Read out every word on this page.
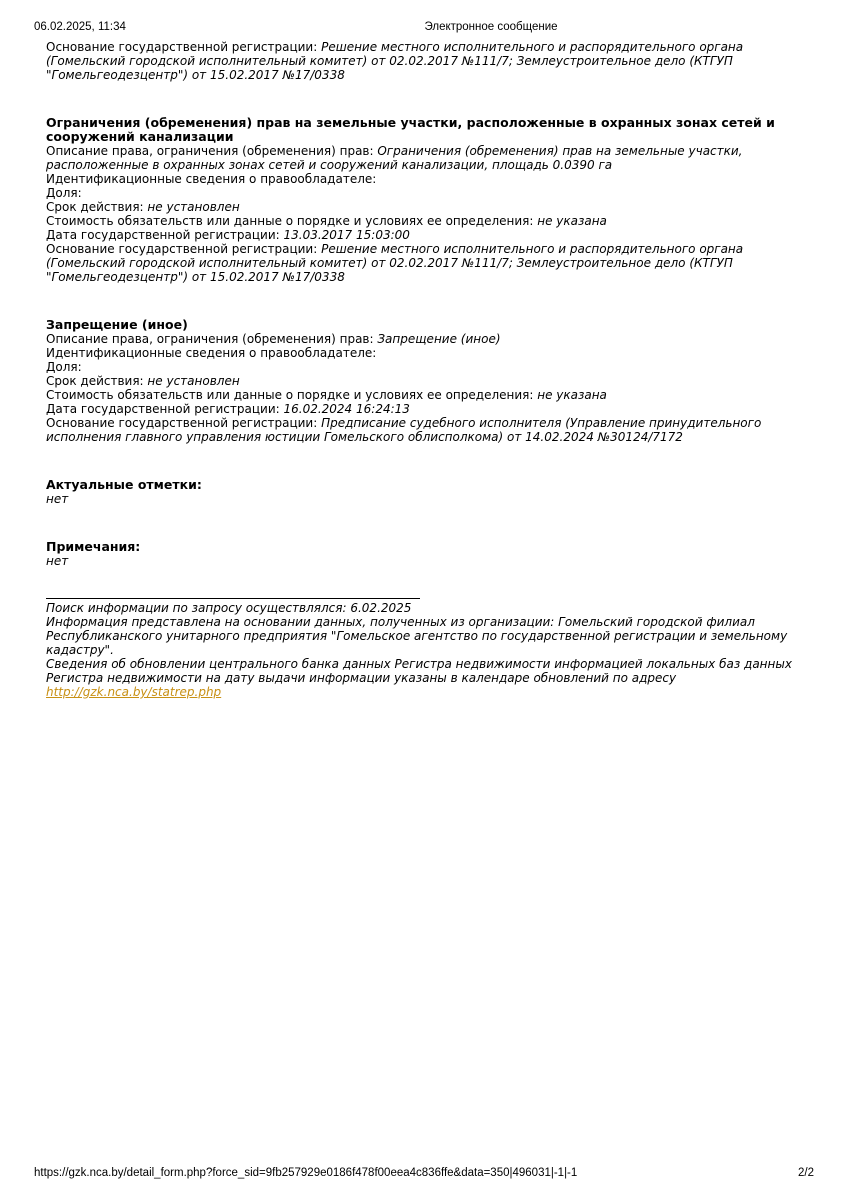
06.02.2025, 11:34	Электронное сообщение
Основание государственной регистрации: Решение местного исполнительного и распорядительного органа (Гомельский городской исполнительный комитет) от 02.02.2017 №111/7; Землеустроительное дело (КТГУП "Гомельгеодезцентр") от 15.02.2017 №17/0338
Ограничения (обременения) прав на земельные участки, расположенные в охранных зонах сетей и сооружений канализации
Описание права, ограничения (обременения) прав: Ограничения (обременения) прав на земельные участки, расположенные в охранных зонах сетей и сооружений канализации, площадь 0.0390 га
Идентификационные сведения о правообладателе:
Доля:
Срок действия: не установлен
Стоимость обязательств или данные о порядке и условиях ее определения: не указана
Дата государственной регистрации: 13.03.2017 15:03:00
Основание государственной регистрации: Решение местного исполнительного и распорядительного органа (Гомельский городской исполнительный комитет) от 02.02.2017 №111/7; Землеустроительное дело (КТГУП "Гомельгеодезцентр") от 15.02.2017 №17/0338
Запрещение (иное)
Описание права, ограничения (обременения) прав: Запрещение (иное)
Идентификационные сведения о правообладателе:
Доля:
Срок действия: не установлен
Стоимость обязательств или данные о порядке и условиях ее определения: не указана
Дата государственной регистрации: 16.02.2024 16:24:13
Основание государственной регистрации: Предписание судебного исполнителя (Управление принудительного исполнения главного управления юстиции Гомельского облисполкома) от 14.02.2024 №30124/7172
Актуальные отметки:
нет
Примечания:
нет
Поиск информации по запросу осуществлялся: 6.02.2025
Информация представлена на основании данных, полученных из организации: Гомельский городской филиал Республиканского унитарного предприятия "Гомельское агентство по государственной регистрации и земельному кадастру".
Сведения об обновлении центрального банка данных Регистра недвижимости информацией локальных баз данных Регистра недвижимости на дату выдачи информации указаны в календаре обновлений по адресу
http://gzk.nca.by/statrep.php
https://gzk.nca.by/detail_form.php?force_sid=9fb257929e0186f478f00eea4c836ffe&data=350|496031|-1|-1	2/2
